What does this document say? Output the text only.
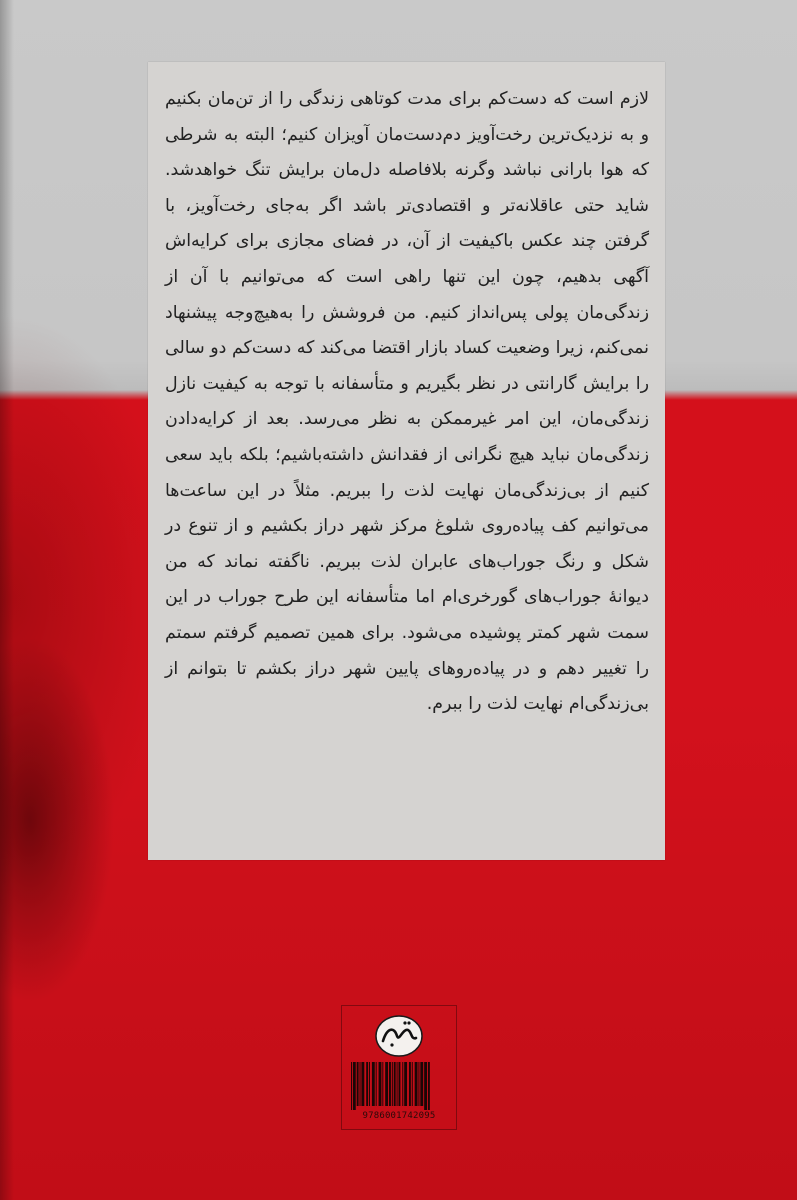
لازم است که دست‌کم برای مدت کوتاهی زندگی را از تن‌مان بکنیم و به نزدیک‌ترین رخت‌آویز دم‌دست‌مان آویزان کنیم؛ البته به شرطی که هوا بارانی نباشد وگرنه بلافاصله دل‌مان برایش تنگ خواهدشد. شاید حتی عاقلانه‌تر و اقتصادی‌تر باشد اگر به‌جای رخت‌آویز، با گرفتن چند عکس باکیفیت از آن، در فضای مجازی برای کرایه‌اش آگهی بدهیم، چون این تنها راهی است که می‌توانیم با آن از زندگی‌مان پولی پس‌انداز کنیم. من فروشش را به‌هیچ‌وجه پیشنهاد نمی‌کنم، زیرا وضعیت کساد بازار اقتضا می‌کند که دست‌کم دو سالی را برایش گارانتی در نظر بگیریم و متأسفانه با توجه به کیفیت نازل زندگی‌مان، این امر غیرممکن به نظر می‌رسد. بعد از کرایه‌دادن زندگی‌مان نباید هیچ نگرانی از فقدانش داشته‌باشیم؛ بلکه باید سعی کنیم از بی‌زندگی‌مان نهایت لذت را ببریم. مثلاً در این ساعت‌ها می‌توانیم کف پیاده‌روی شلوغ مرکز شهر دراز بکشیم و از تنوع در شکل و رنگ جوراب‌های عابران لذت ببریم. ناگفته نماند که من دیوانهٔ جوراب‌های گورخری‌ام اما متأسفانه این طرح جوراب در این سمت شهر کمتر پوشیده می‌شود. برای همین تصمیم گرفتم سمتم را تغییر دهم و در پیاده‌روهای پایین شهر دراز بکشم تا بتوانم از بی‌زندگی‌ام نهایت لذت را ببرم.

9786001742095
